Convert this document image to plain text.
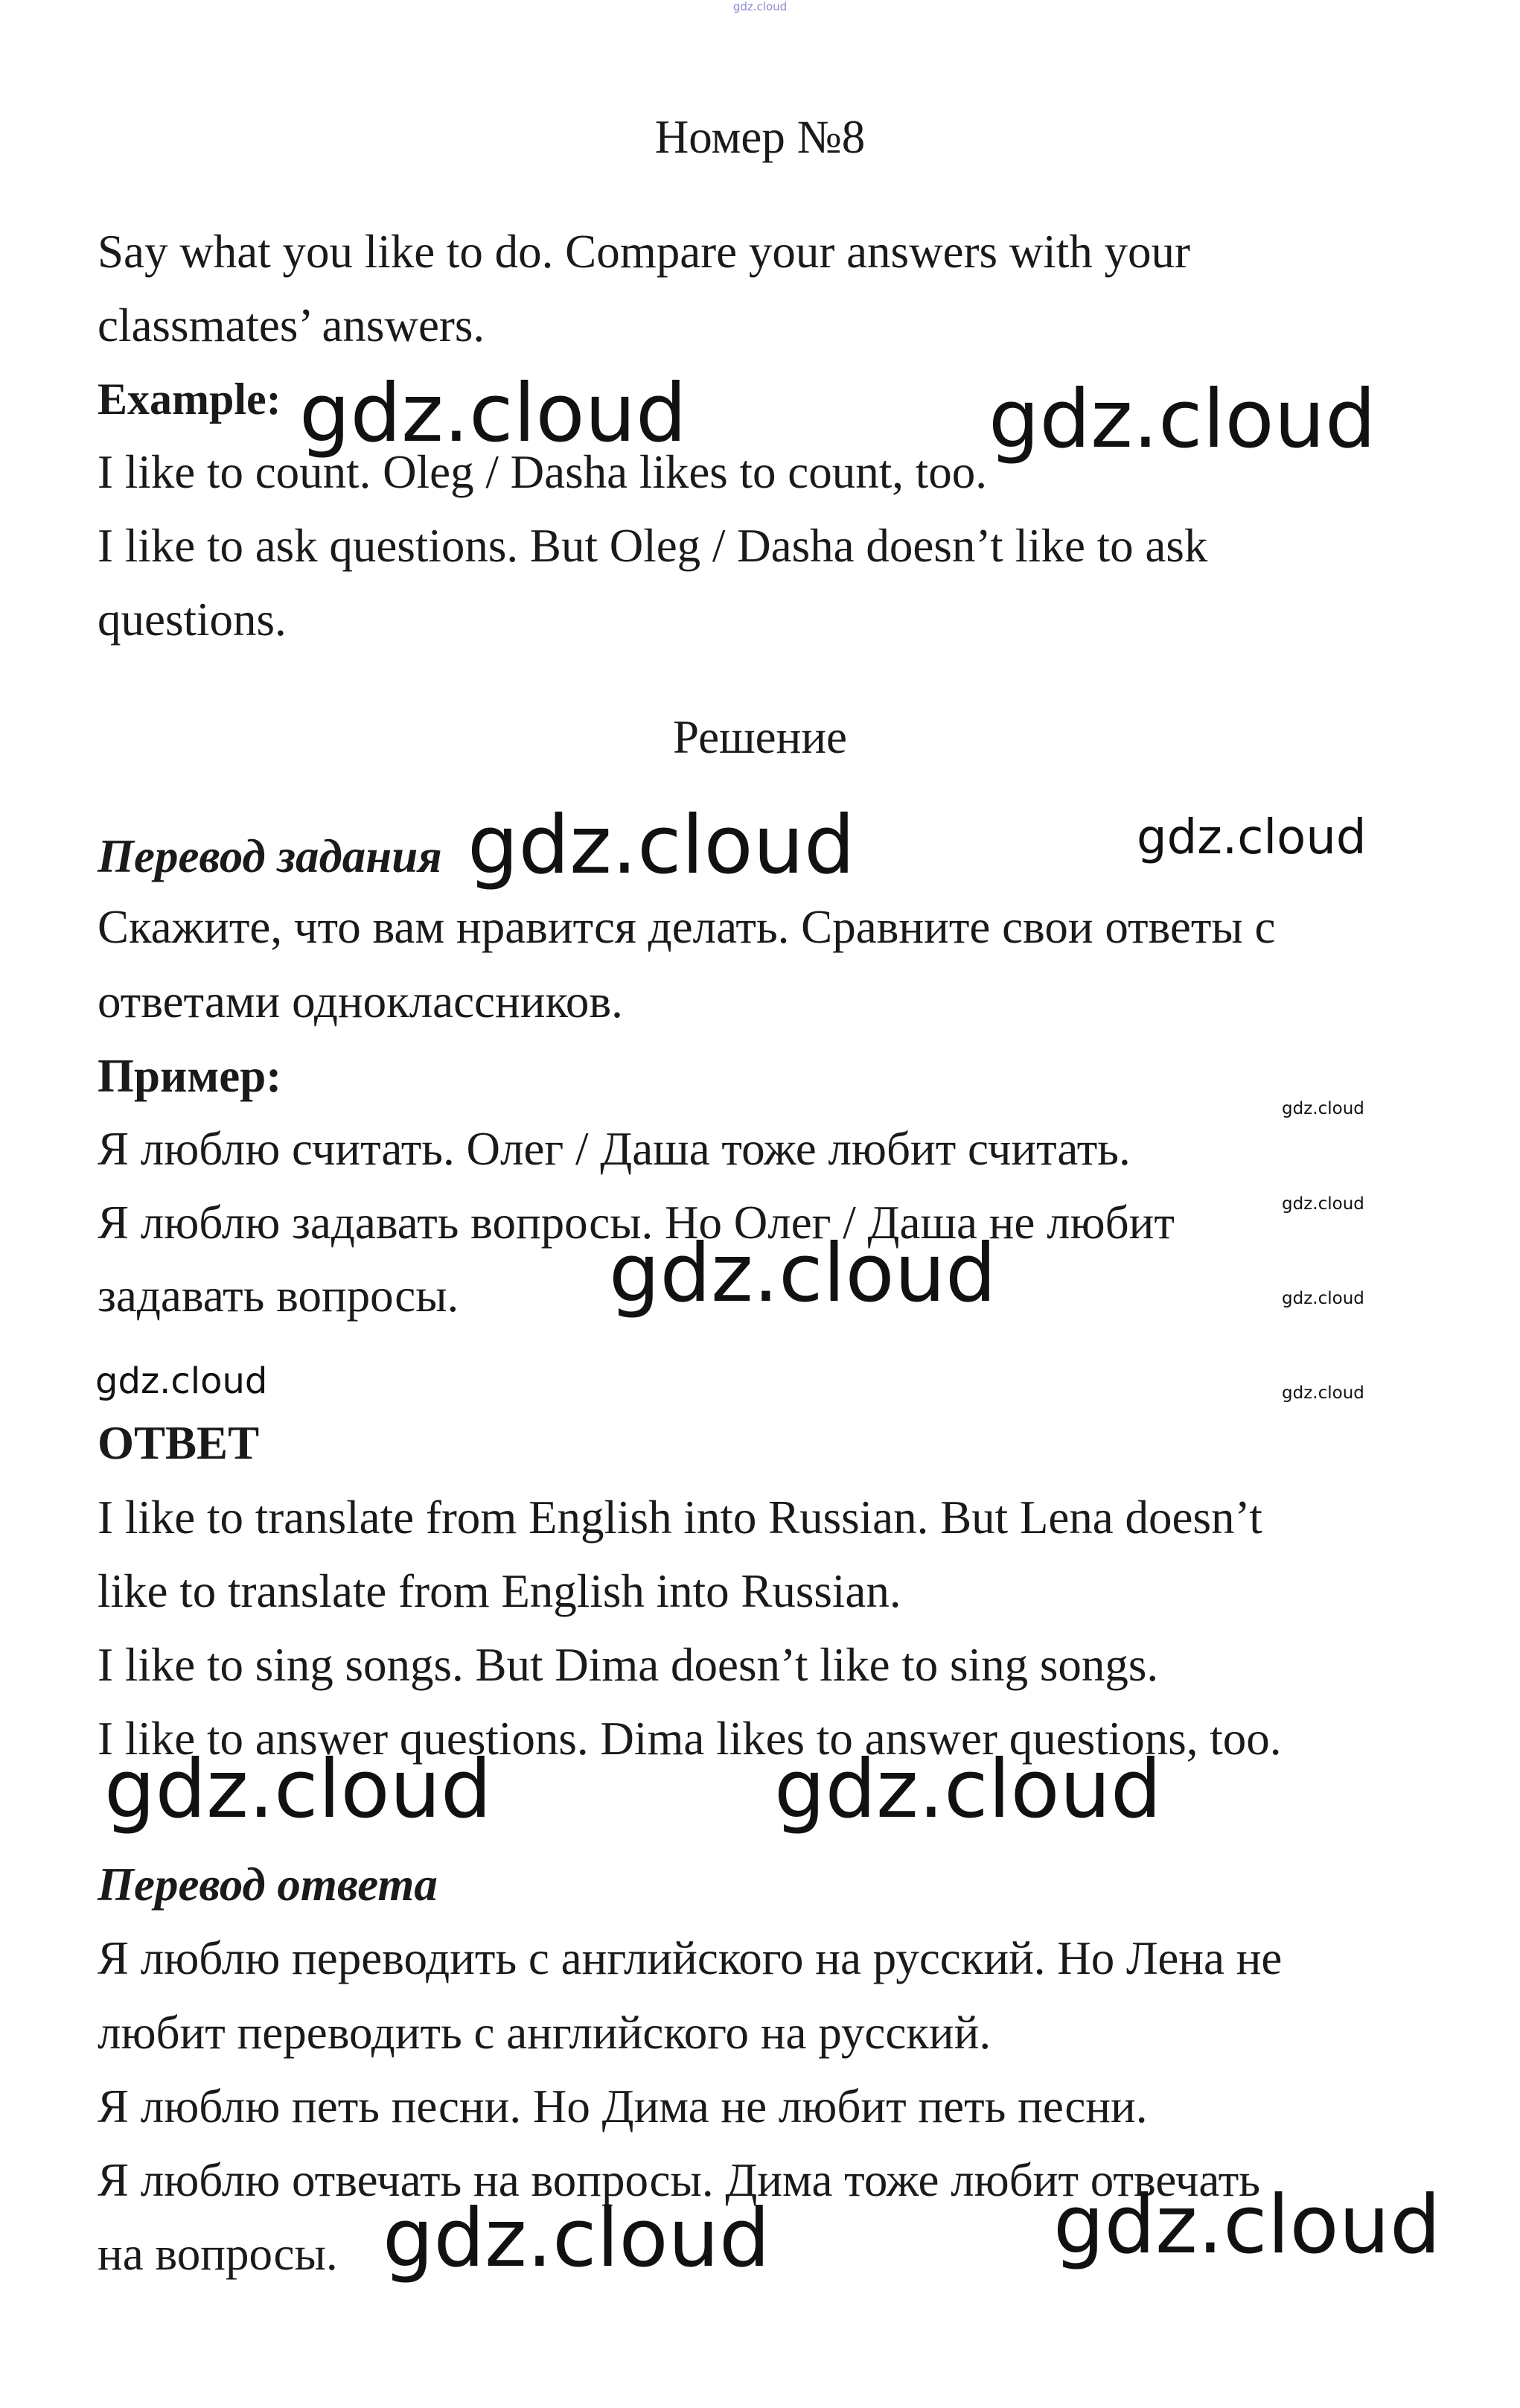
gdz.cloud
Номер №8
Say what you like to do. Compare your answers with your
classmates’ answers.
Example:
I like to count. Oleg / Dasha likes to count, too.
I like to ask questions. But Oleg / Dasha doesn’t like to ask
questions.
Решение
Перевод задания
Скажите, что вам нравится делать. Сравните свои ответы с
ответами одноклассников.
Пример:
Я люблю считать. Олег / Даша тоже любит считать.
Я люблю задавать вопросы. Но Олег / Даша не любит
задавать вопросы.
ОТВЕТ
I like to translate from English into Russian. But Lena doesn’t
like to translate from English into Russian.
I like to sing songs. But Dima doesn’t like to sing songs.
I like to answer questions. Dima likes to answer questions, too.
Перевод ответа
Я люблю переводить с английского на русский. Но Лена не
любит переводить с английского на русский.
Я люблю петь песни. Но Дима не любит петь песни.
Я люблю отвечать на вопросы. Дима тоже любит отвечать
на вопросы.
gdz.cloud	gdz.cloud
gdz.cloud	gdz.cloud
gdz.cloud
gdz.cloud
gdz.cloud	gdz.cloud
gdz.cloud	gdz.cloud
gdz.cloud	gdz.cloud
gdz.cloud	gdz.cloud
